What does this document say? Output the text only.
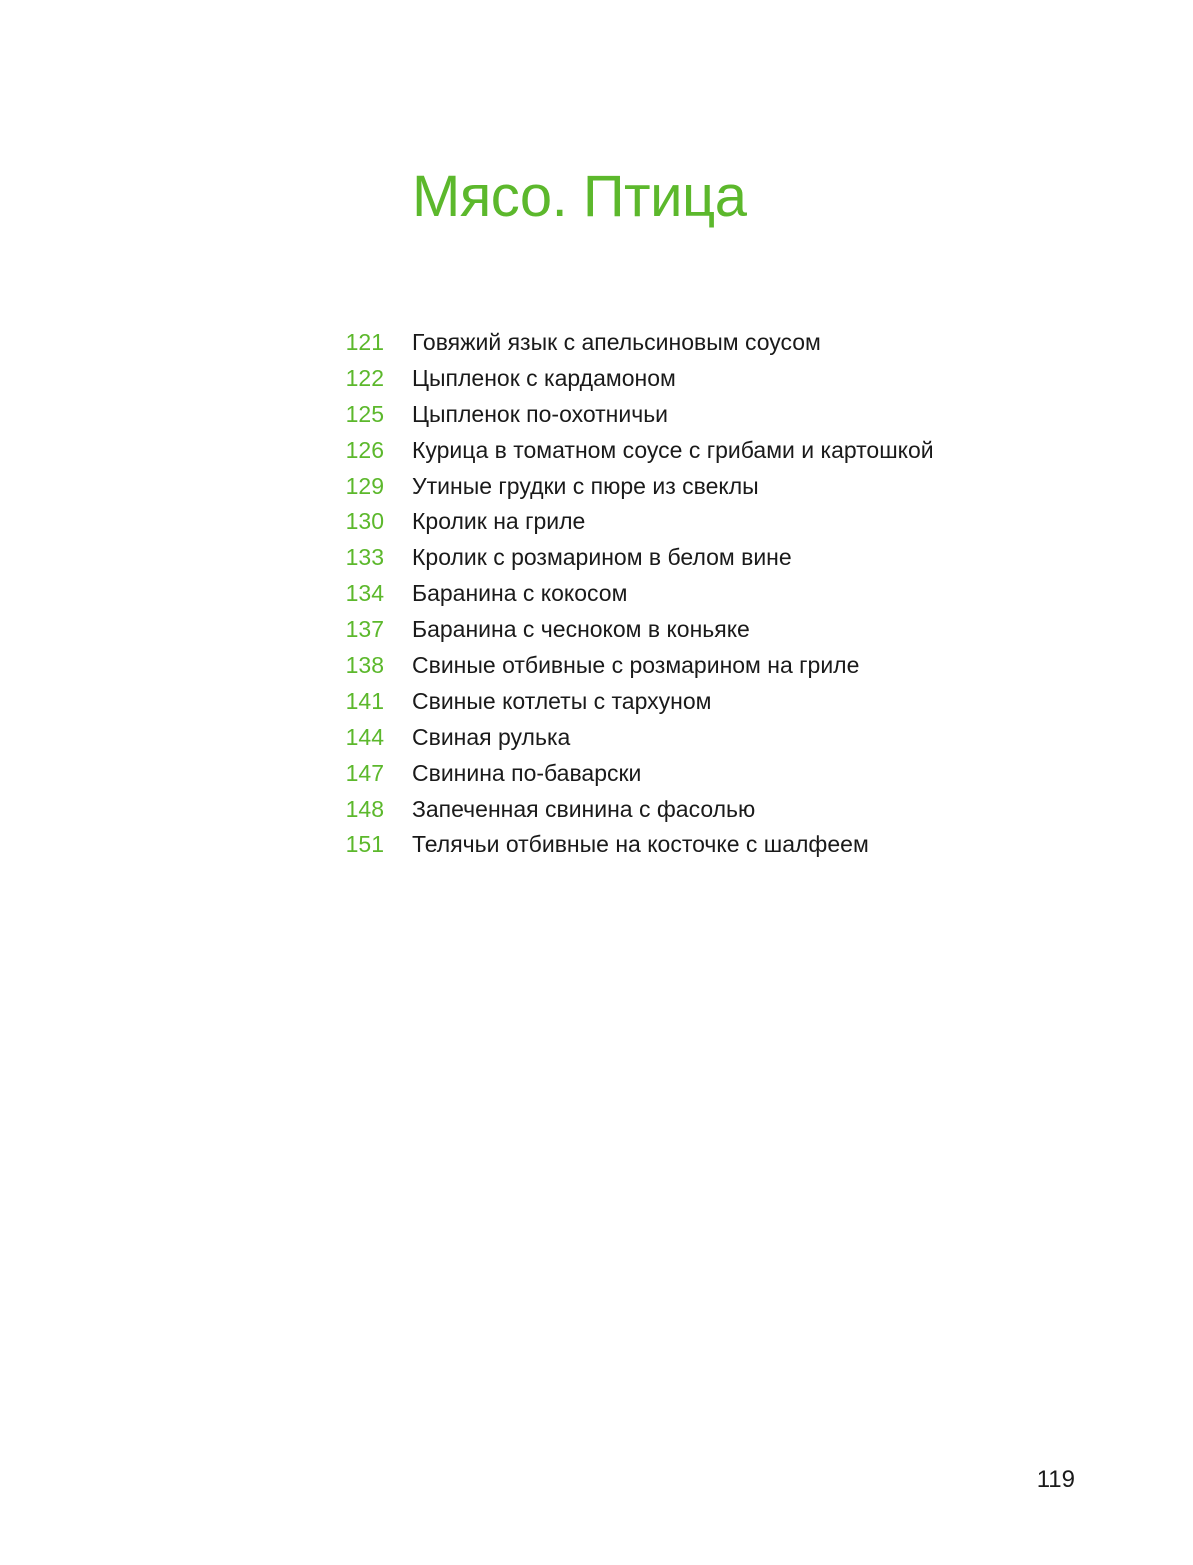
Мясо. Птица
121	Говяжий язык с апельсиновым соусом
122	Цыпленок с кардамоном
125	Цыпленок по-охотничьи
126	Курица в томатном соусе с грибами и картошкой
129	Утиные грудки с пюре из свеклы
130	Кролик на гриле
133	Кролик с розмарином в белом вине
134	Баранина с кокосом
137	Баранина с чесноком в коньяке
138	Свиные отбивные с розмарином на гриле
141	Свиные котлеты с тархуном
144	Свиная рулька
147	Свинина по-баварски
148	Запеченная свинина с фасолью
151	Телячьи отбивные на косточке с шалфеем
119
